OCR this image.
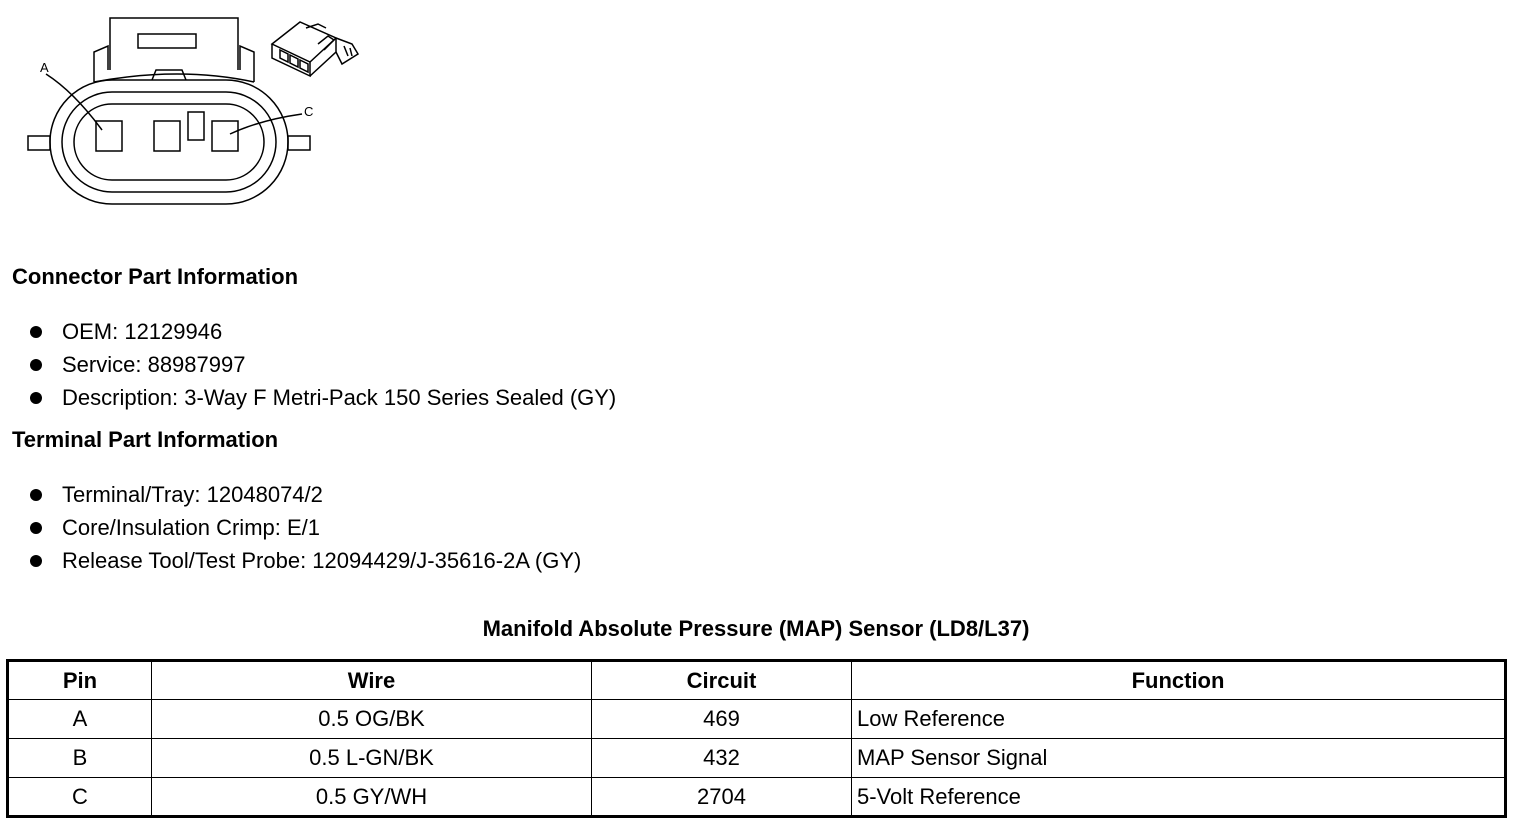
A
C
Connector Part Information
OEM: 12129946
Service: 88987997
Description: 3-Way F Metri-Pack 150 Series Sealed (GY)
Terminal Part Information
Terminal/Tray: 12048074/2
Core/Insulation Crimp: E/1
Release Tool/Test Probe: 12094429/J-35616-2A (GY)
Manifold Absolute Pressure (MAP) Sensor (LD8/L37)
Pin	Wire	Circuit	Function
A	0.5 OG/BK	469	Low Reference
B	0.5 L-GN/BK	432	MAP Sensor Signal
C	0.5 GY/WH	2704	5-Volt Reference
